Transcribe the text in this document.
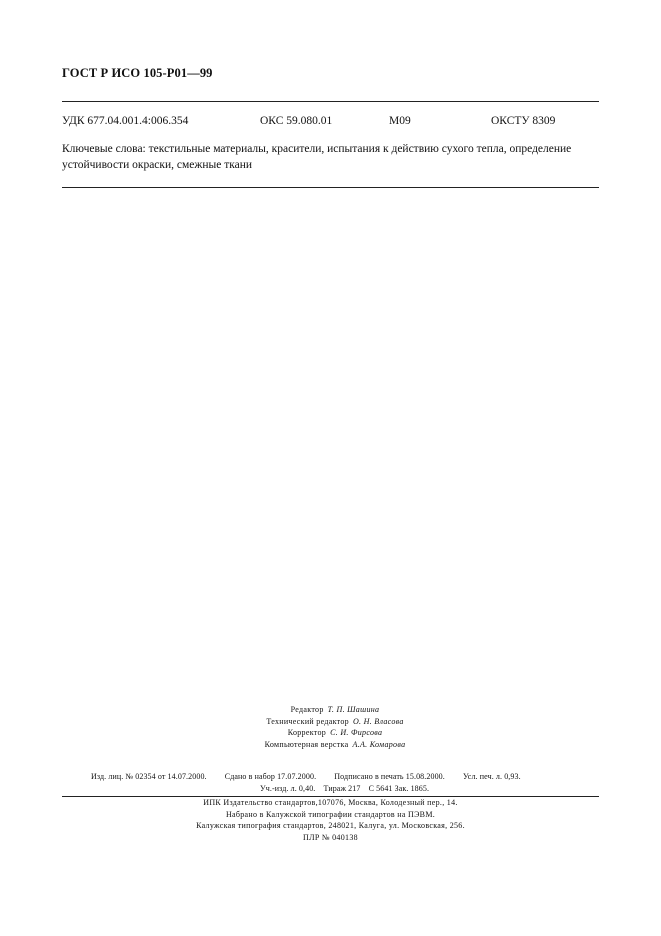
ГОСТ Р ИСО 105-Р01—99
УДК 677.04.001.4:006.354	ОКС 59.080.01	М09	ОКСТУ 8309
Ключевые слова: текстильные материалы, красители, испытания к действию сухого тепла, определение устойчивости окраски, смежные ткани
Редактор Т. П. Шашина
Технический редактор О. Н. Власова
Корректор С. И. Фирсова
Компьютерная верстка А.А. Комарова
Изд. лиц. № 02354 от 14.07.2000. Сдано в набор 17.07.2000. Подписано в печать 15.08.2000. Усл. печ. л. 0,93.
Уч.-изд. л. 0,40. Тираж 217 С 5641 Зак. 1865.
ИПК Издательство стандартов,107076, Москва, Колодезный пер., 14.
Набрано в Калужской типографии стандартов на ПЭВМ.
Калужская типография стандартов, 248021, Калуга, ул. Московская, 256.
ПЛР № 040138
